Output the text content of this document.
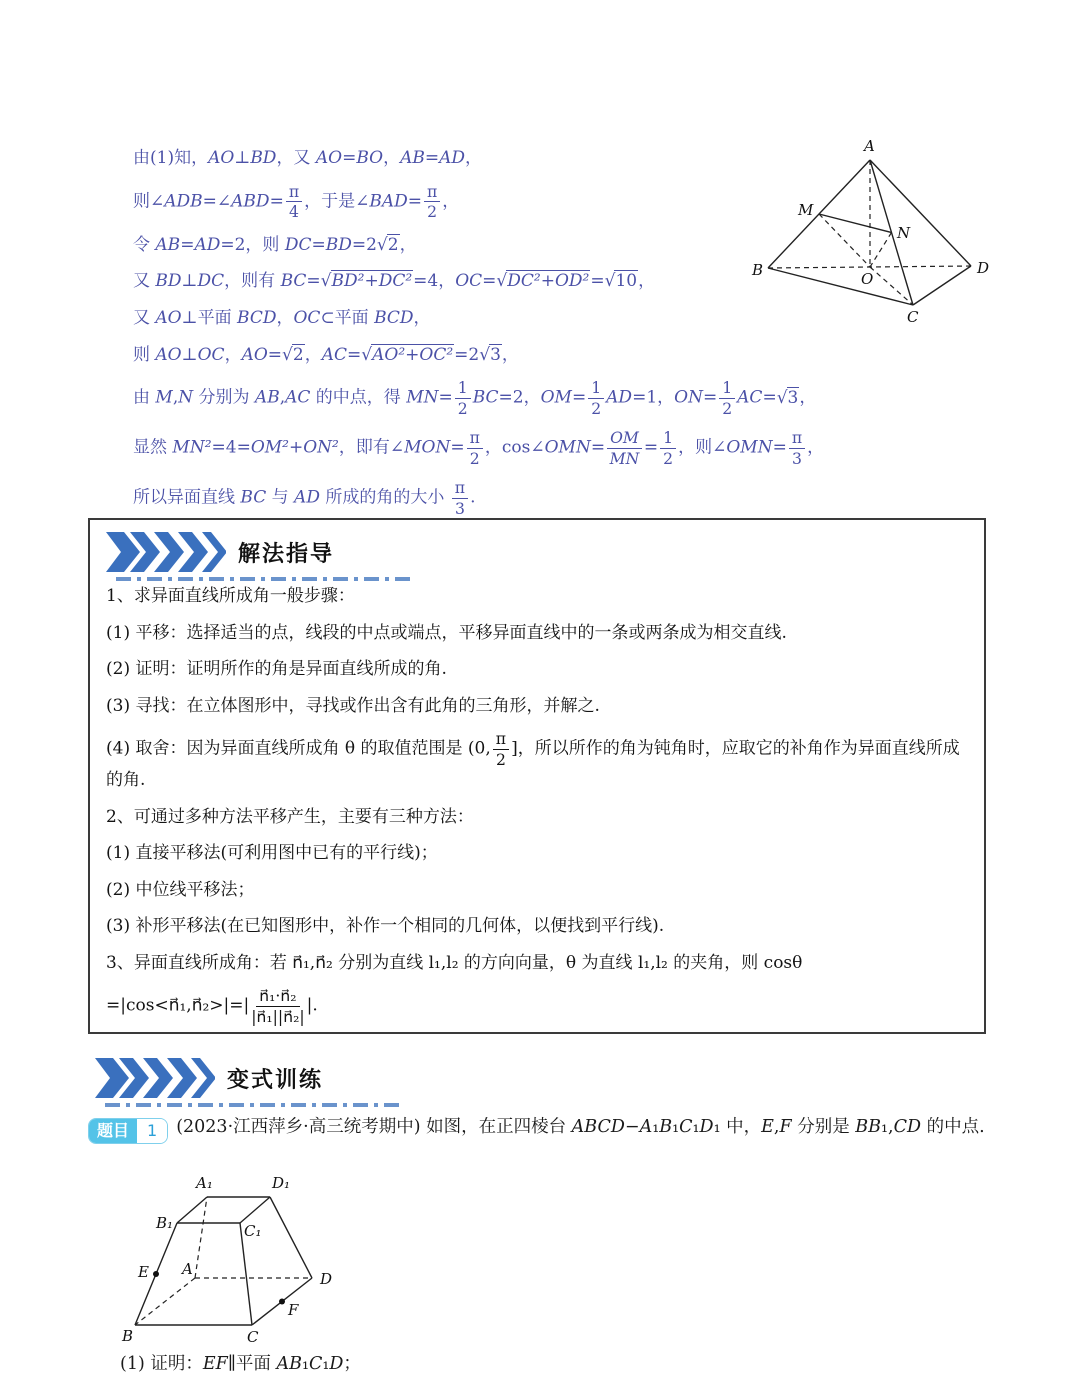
由(1)知，AO⊥BD，又 AO=BO，AB=AD，
则∠ADB=∠ABD= $\frac{\pi}{4}$ ，于是∠BAD= $\frac{\pi}{2}$ ，
令 AB=AD=2，则 DC=BD=2√2，
又 BD⊥DC，则有 BC=√BD²+DC²=4，OC=√DC²+OD²=√10，
又 AO⊥平面 BCD，OC⊂平面 BCD，
则 AO⊥OC，AO=√2，AC=√AO²+OC²=2√3，
由 M,N 分别为 AB,AC 的中点，得 $MN= \frac{1}{2} BC=2$，$OM= \frac{1}{2} AD=1$，$ON= \frac{1}{2} AC=√3$，
显然 MN²=4=OM²+ON²，即有∠MON= $\frac{\pi}{2}$ ，cos∠OMN= $\frac{OM}{MN} = \frac{1}{2}$ ，则∠OMN= $\frac{\pi}{3}$ ，
所以异面直线 BC 与 AD 所成的角的大小 $\frac{\pi}{3}$ .
A
M
N
B	O
D
C
解法指导
1、求异面直线所成角一般步骤：
(1) 平移：选择适当的点，线段的中点或端点，平移异面直线中的一条或两条成为相交直线.
(2) 证明：证明所作的角是异面直线所成的角.
(3) 寻找：在立体图形中，寻找或作出含有此角的三角形，并解之.
(4) 取舍：因为异面直线所成角 θ 的取值范围是 (0, $\frac{\pi}{2}$ ]，所以所作的角为钝角时，应取它的补角作为异面直线所成的角.
2、可通过多种方法平移产生，主要有三种方法：
(1) 直接平移法(可利用图中已有的平行线)；
(2) 中位线平移法；
(3) 补形平移法(在已知图形中，补作一个相同的几何体，以便找到平行线).
3、异面直线所成角：若 n⃗₁,n⃗₂ 分别为直线 l₁,l₂ 的方向向量，θ 为直线 l₁,l₂ 的夹角，则 cosθ
=|cos<n⃗₁,n⃗₂>|=| $\frac{\text{n⃗₁·n⃗₂}}{\text{|n⃗₁||n⃗₂|}}$ |.
变式训练
题目	1	(2023·江西萍乡·高三统考期中) 如图，在正四棱台 ABCD−A₁B₁C₁D₁ 中，E,F 分别是 BB₁,CD 的中点.
A₁	D₁
B₁	C₁
E A
D
F
B	C
(1) 证明：EF∥平面 AB₁C₁D；
